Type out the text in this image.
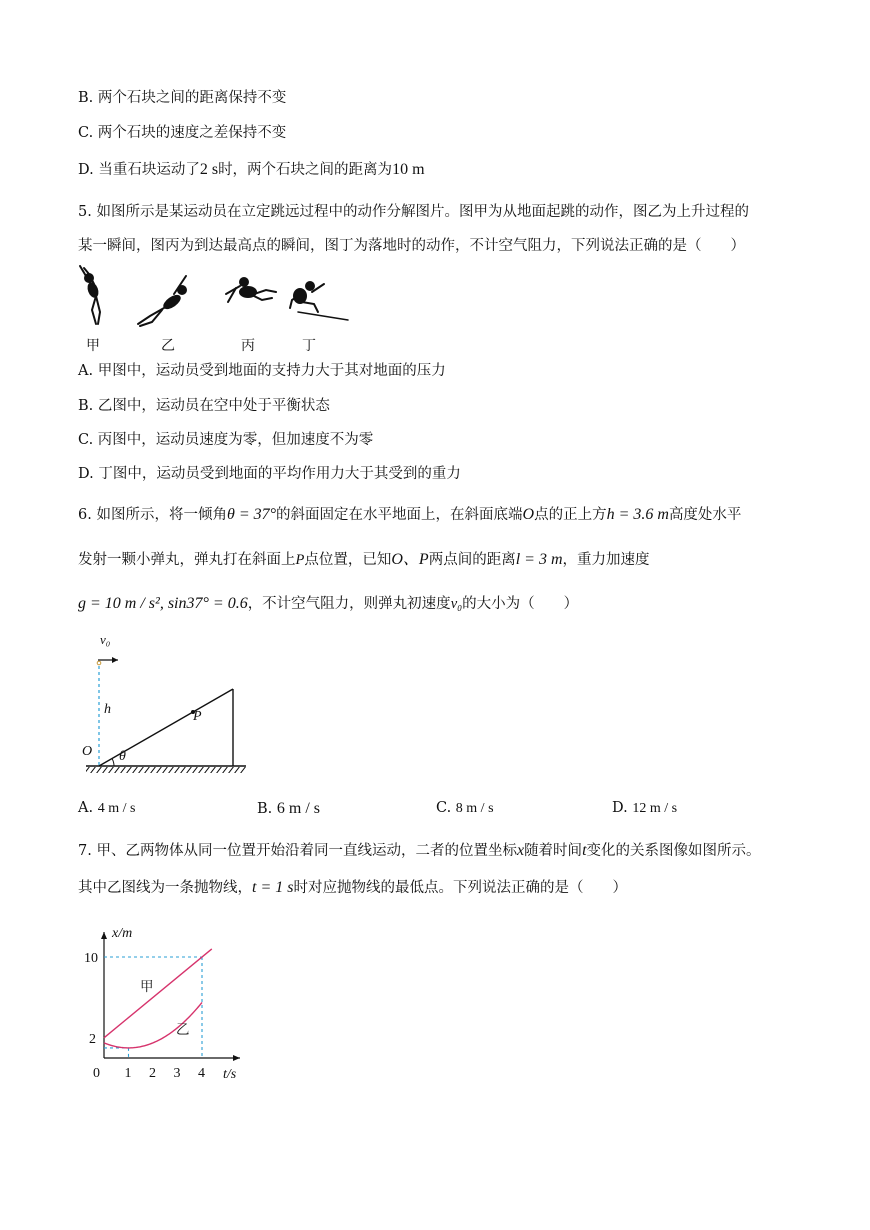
B. 两个石块之间的距离保持不变
C. 两个石块的速度之差保持不变
D. 当重石块运动了2 s时，两个石块之间的距离为10 m
5. 如图所示是某运动员在立定跳远过程中的动作分解图片。图甲为从地面起跳的动作，图乙为上升过程的
某一瞬间，图丙为到达最高点的瞬间，图丁为落地时的动作，不计空气阻力，下列说法正确的是（　　）
甲	乙	丙	丁
A. 甲图中，运动员受到地面的支持力大于其对地面的压力
B. 乙图中，运动员在空中处于平衡状态
C. 丙图中，运动员速度为零，但加速度不为零
D. 丁图中，运动员受到地面的平均作用力大于其受到的重力
6. 如图所示，将一倾角θ = 37°的斜面固定在水平地面上，在斜面底端O点的正上方h = 3.6 m高度处水平
发射一颗小弹丸，弹丸打在斜面上P点位置，已知O、P两点间的距离l = 3 m，重力加速度
g = 10 m / s², sin37° = 0.6，不计空气阻力，则弹丸初速度v₀的大小为（　　）
v₀
h	P
O θ
A. 4 m / s	B. 6 m / s	C. 8 m / s	D. 12 m / s
7. 甲、乙两物体从同一位置开始沿着同一直线运动，二者的位置坐标x随着时间t变化的关系图像如图所示。
其中乙图线为一条抛物线，t = 1 s时对应抛物线的最低点。下列说法正确的是（　　）
x/m
t/s
10
2
0 1 2 3 4
甲
乙
